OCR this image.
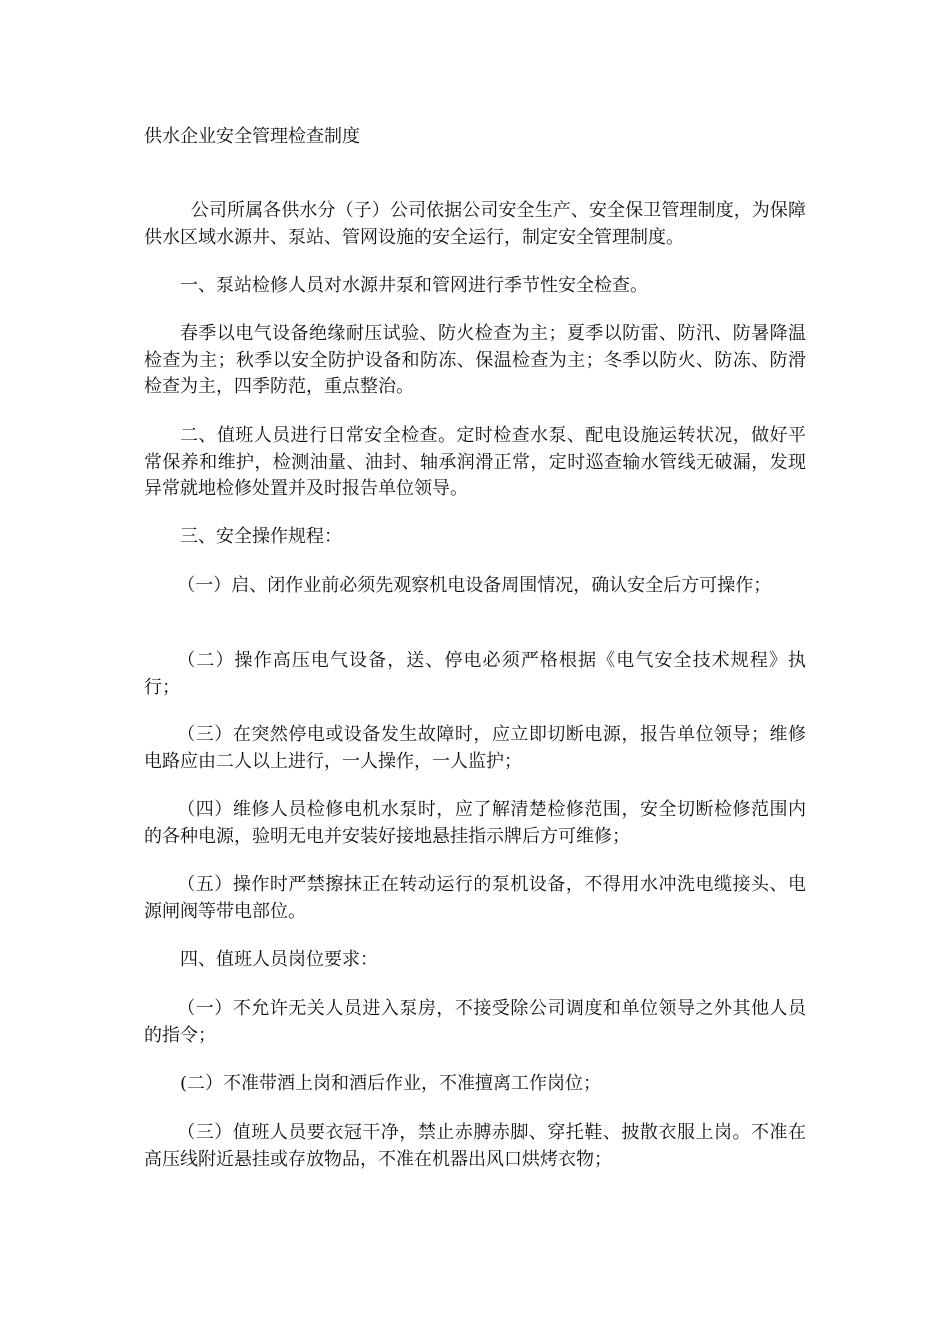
供水企业安全管理检查制度

公司所属各供水分（子）公司依据公司安全生产、安全保卫管理制度，为保障供水区域水源井、泵站、管网设施的安全运行，制定安全管理制度。

一、泵站检修人员对水源井泵和管网进行季节性安全检查。

春季以电气设备绝缘耐压试验、防火检查为主；夏季以防雷、防汛、防暑降温检查为主；秋季以安全防护设备和防冻、保温检查为主；冬季以防火、防冻、防滑检查为主，四季防范，重点整治。

二、值班人员进行日常安全检查。定时检查水泵、配电设施运转状况，做好平常保养和维护，检测油量、油封、轴承润滑正常，定时巡查输水管线无破漏，发现异常就地检修处置并及时报告单位领导。

三、安全操作规程：

（一）启、闭作业前必须先观察机电设备周围情况，确认安全后方可操作；

（二）操作高压电气设备，送、停电必须严格根据《电气安全技术规程》执行；

（三）在突然停电或设备发生故障时，应立即切断电源，报告单位领导；维修电路应由二人以上进行，一人操作，一人监护；

（四）维修人员检修电机水泵时，应了解清楚检修范围，安全切断检修范围内的各种电源，验明无电并安装好接地悬挂指示牌后方可维修；

（五）操作时严禁擦抹正在转动运行的泵机设备，不得用水冲洗电缆接头、电源闸阀等带电部位。

四、值班人员岗位要求：

（一）不允许无关人员进入泵房，不接受除公司调度和单位领导之外其他人员的指令；

(二）不准带酒上岗和酒后作业，不准擅离工作岗位；

（三）值班人员要衣冠干净，禁止赤膊赤脚、穿托鞋、披散衣服上岗。不准在高压线附近悬挂或存放物品，不准在机器出风口烘烤衣物；
